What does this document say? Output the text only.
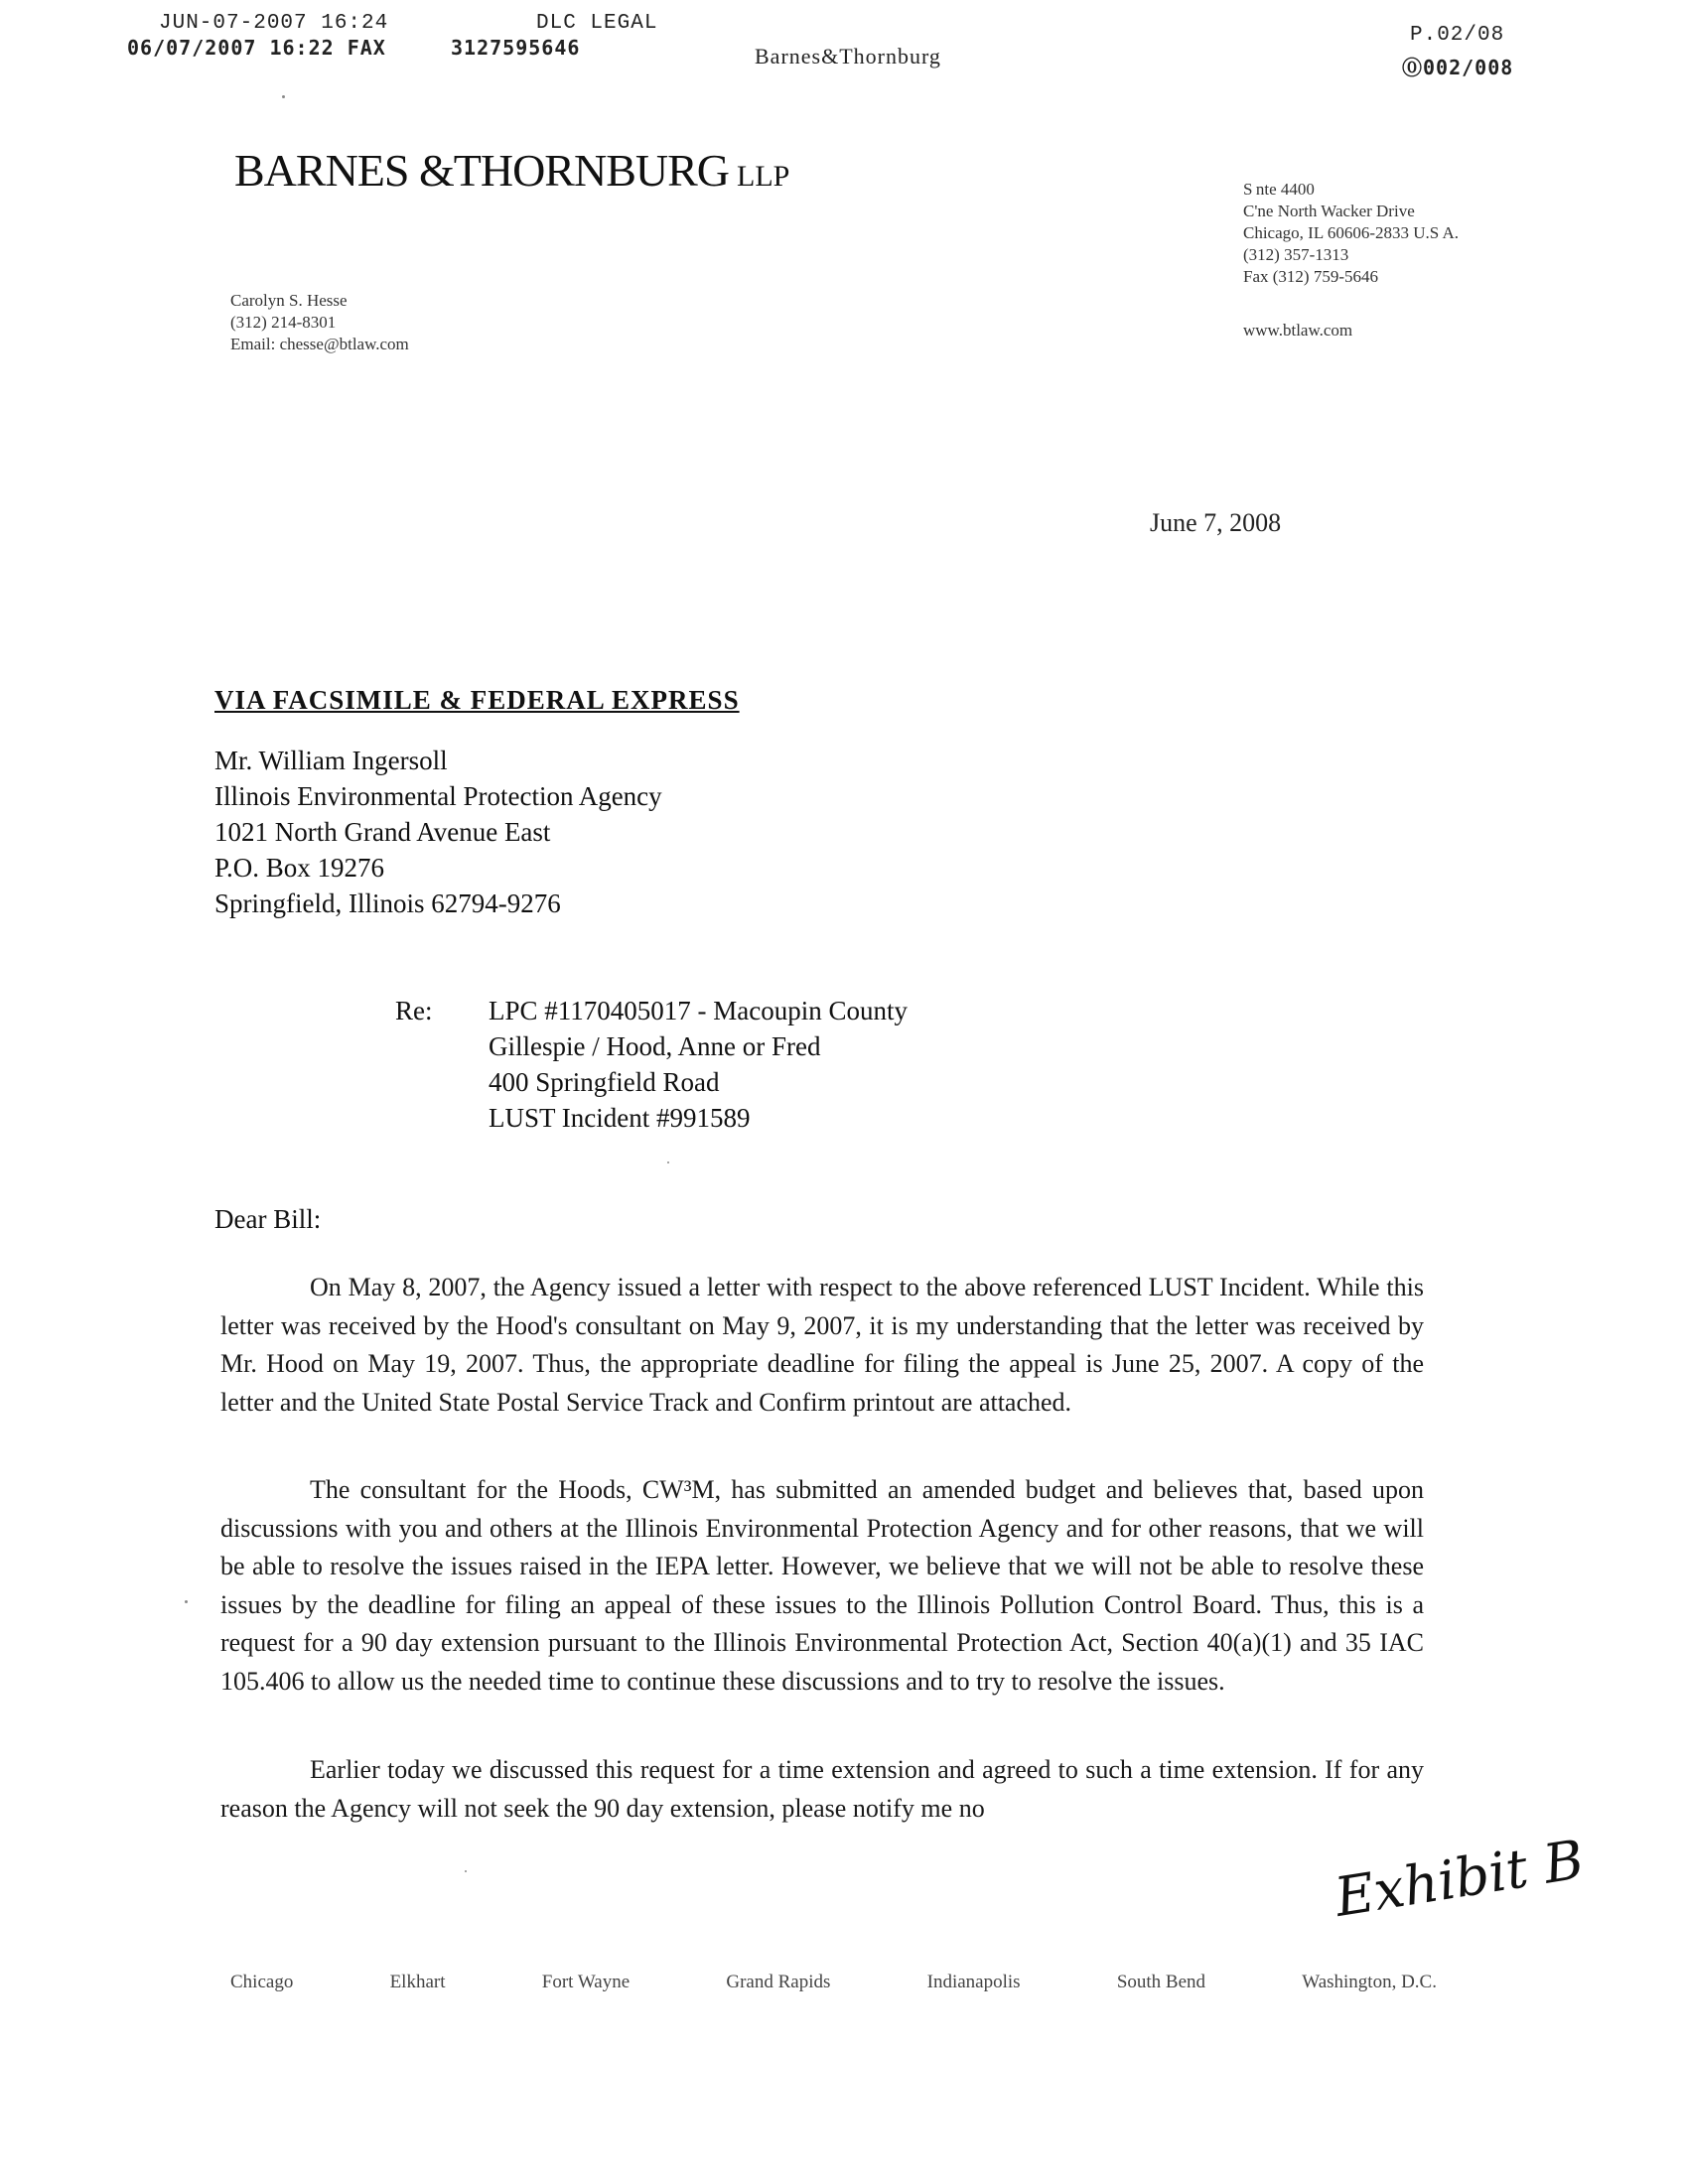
JUN-07-2007 16:24	DLC LEGAL
P.02/08
06/07/2007 16:22 FAX	3127595646	Barnes&Thornburg	⓪002/008
BARNES &THORNBURG LLP	S nte 4400
C'ne North Wacker Drive
Chicago, IL 60606-2833 U.S A.
(312) 357-1313
Fax (312) 759-5646
www.btlaw.com
Carolyn S. Hesse
(312) 214-8301
Email: chesse@btlaw.com
June 7, 2008
VIA FACSIMILE & FEDERAL EXPRESS
Mr. William Ingersoll
Illinois Environmental Protection Agency
1021 North Grand Avenue East
P.O. Box 19276
Springfield, Illinois 62794-9276
Re: LPC #1170405017 - Macoupin County
Gillespie / Hood, Anne or Fred
400 Springfield Road
LUST Incident #991589
Dear Bill:
On May 8, 2007, the Agency issued a letter with respect to the above referenced LUST Incident. While this letter was received by the Hood's consultant on May 9, 2007, it is my understanding that the letter was received by Mr. Hood on May 19, 2007. Thus, the appropriate deadline for filing the appeal is June 25, 2007. A copy of the letter and the United State Postal Service Track and Confirm printout are attached.
The consultant for the Hoods, CW³M, has submitted an amended budget and believes that, based upon discussions with you and others at the Illinois Environmental Protection Agency and for other reasons, that we will be able to resolve the issues raised in the IEPA letter. However, we believe that we will not be able to resolve these issues by the deadline for filing an appeal of these issues to the Illinois Pollution Control Board. Thus, this is a request for a 90 day extension pursuant to the Illinois Environmental Protection Act, Section 40(a)(1) and 35 IAC 105.406 to allow us the needed time to continue these discussions and to try to resolve the issues.
Earlier today we discussed this request for a time extension and agreed to such a time extension. If for any reason the Agency will not seek the 90 day extension, please notify me no
Exhibit B
Chicago	Elkhart	Fort Wayne	Grand Rapids	Indianapolis	South Bend	Washington, D.C.
